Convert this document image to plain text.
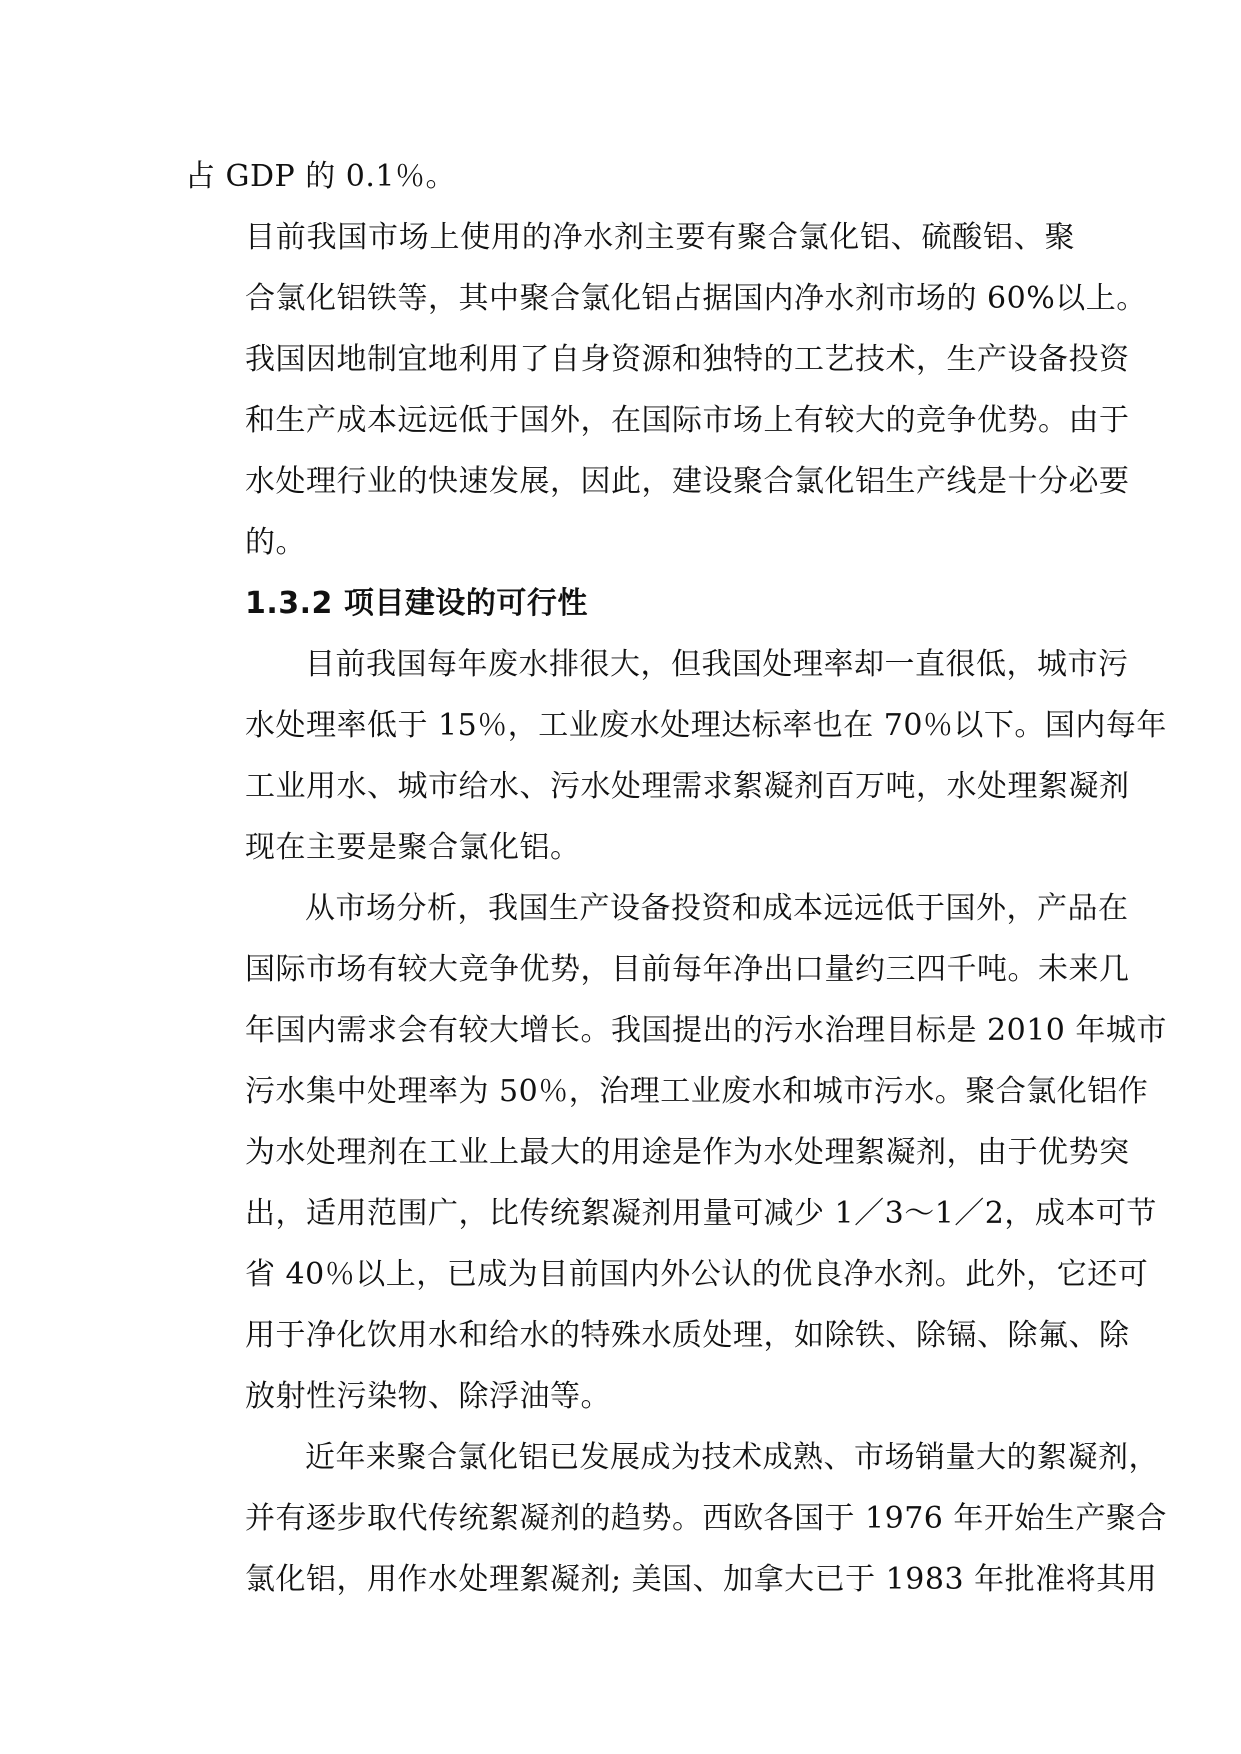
占 GDP 的 0.1％。

目前我国市场上使用的净水剂主要有聚合氯化铝、硫酸铝、聚
合氯化铝铁等，其中聚合氯化铝占据国内净水剂市场的 60%以上。
我国因地制宜地利用了自身资源和独特的工艺技术，生产设备投资
和生产成本远远低于国外，在国际市场上有较大的竞争优势。由于
水处理行业的快速发展，因此，建设聚合氯化铝生产线是十分必要
的。

1.3.2 项目建设的可行性

目前我国每年废水排很大，但我国处理率却一直很低，城市污
水处理率低于 15％，工业废水处理达标率也在 70％以下。国内每年
工业用水、城市给水、污水处理需求絮凝剂百万吨，水处理絮凝剂
现在主要是聚合氯化铝。

从市场分析，我国生产设备投资和成本远远低于国外，产品在
国际市场有较大竞争优势，目前每年净出口量约三四千吨。未来几
年国内需求会有较大增长。我国提出的污水治理目标是 2010 年城市
污水集中处理率为 50％，治理工业废水和城市污水。聚合氯化铝作
为水处理剂在工业上最大的用途是作为水处理絮凝剂，由于优势突
出，适用范围广，比传统絮凝剂用量可减少 1／3～1／2，成本可节
省 40％以上，已成为目前国内外公认的优良净水剂。此外，它还可
用于净化饮用水和给水的特殊水质处理，如除铁、除镉、除氟、除
放射性污染物、除浮油等。

近年来聚合氯化铝已发展成为技术成熟、市场销量大的絮凝剂，
并有逐步取代传统絮凝剂的趋势。西欧各国于 1976 年开始生产聚合
氯化铝，用作水处理絮凝剂; 美国、加拿大已于 1983 年批准将其用
